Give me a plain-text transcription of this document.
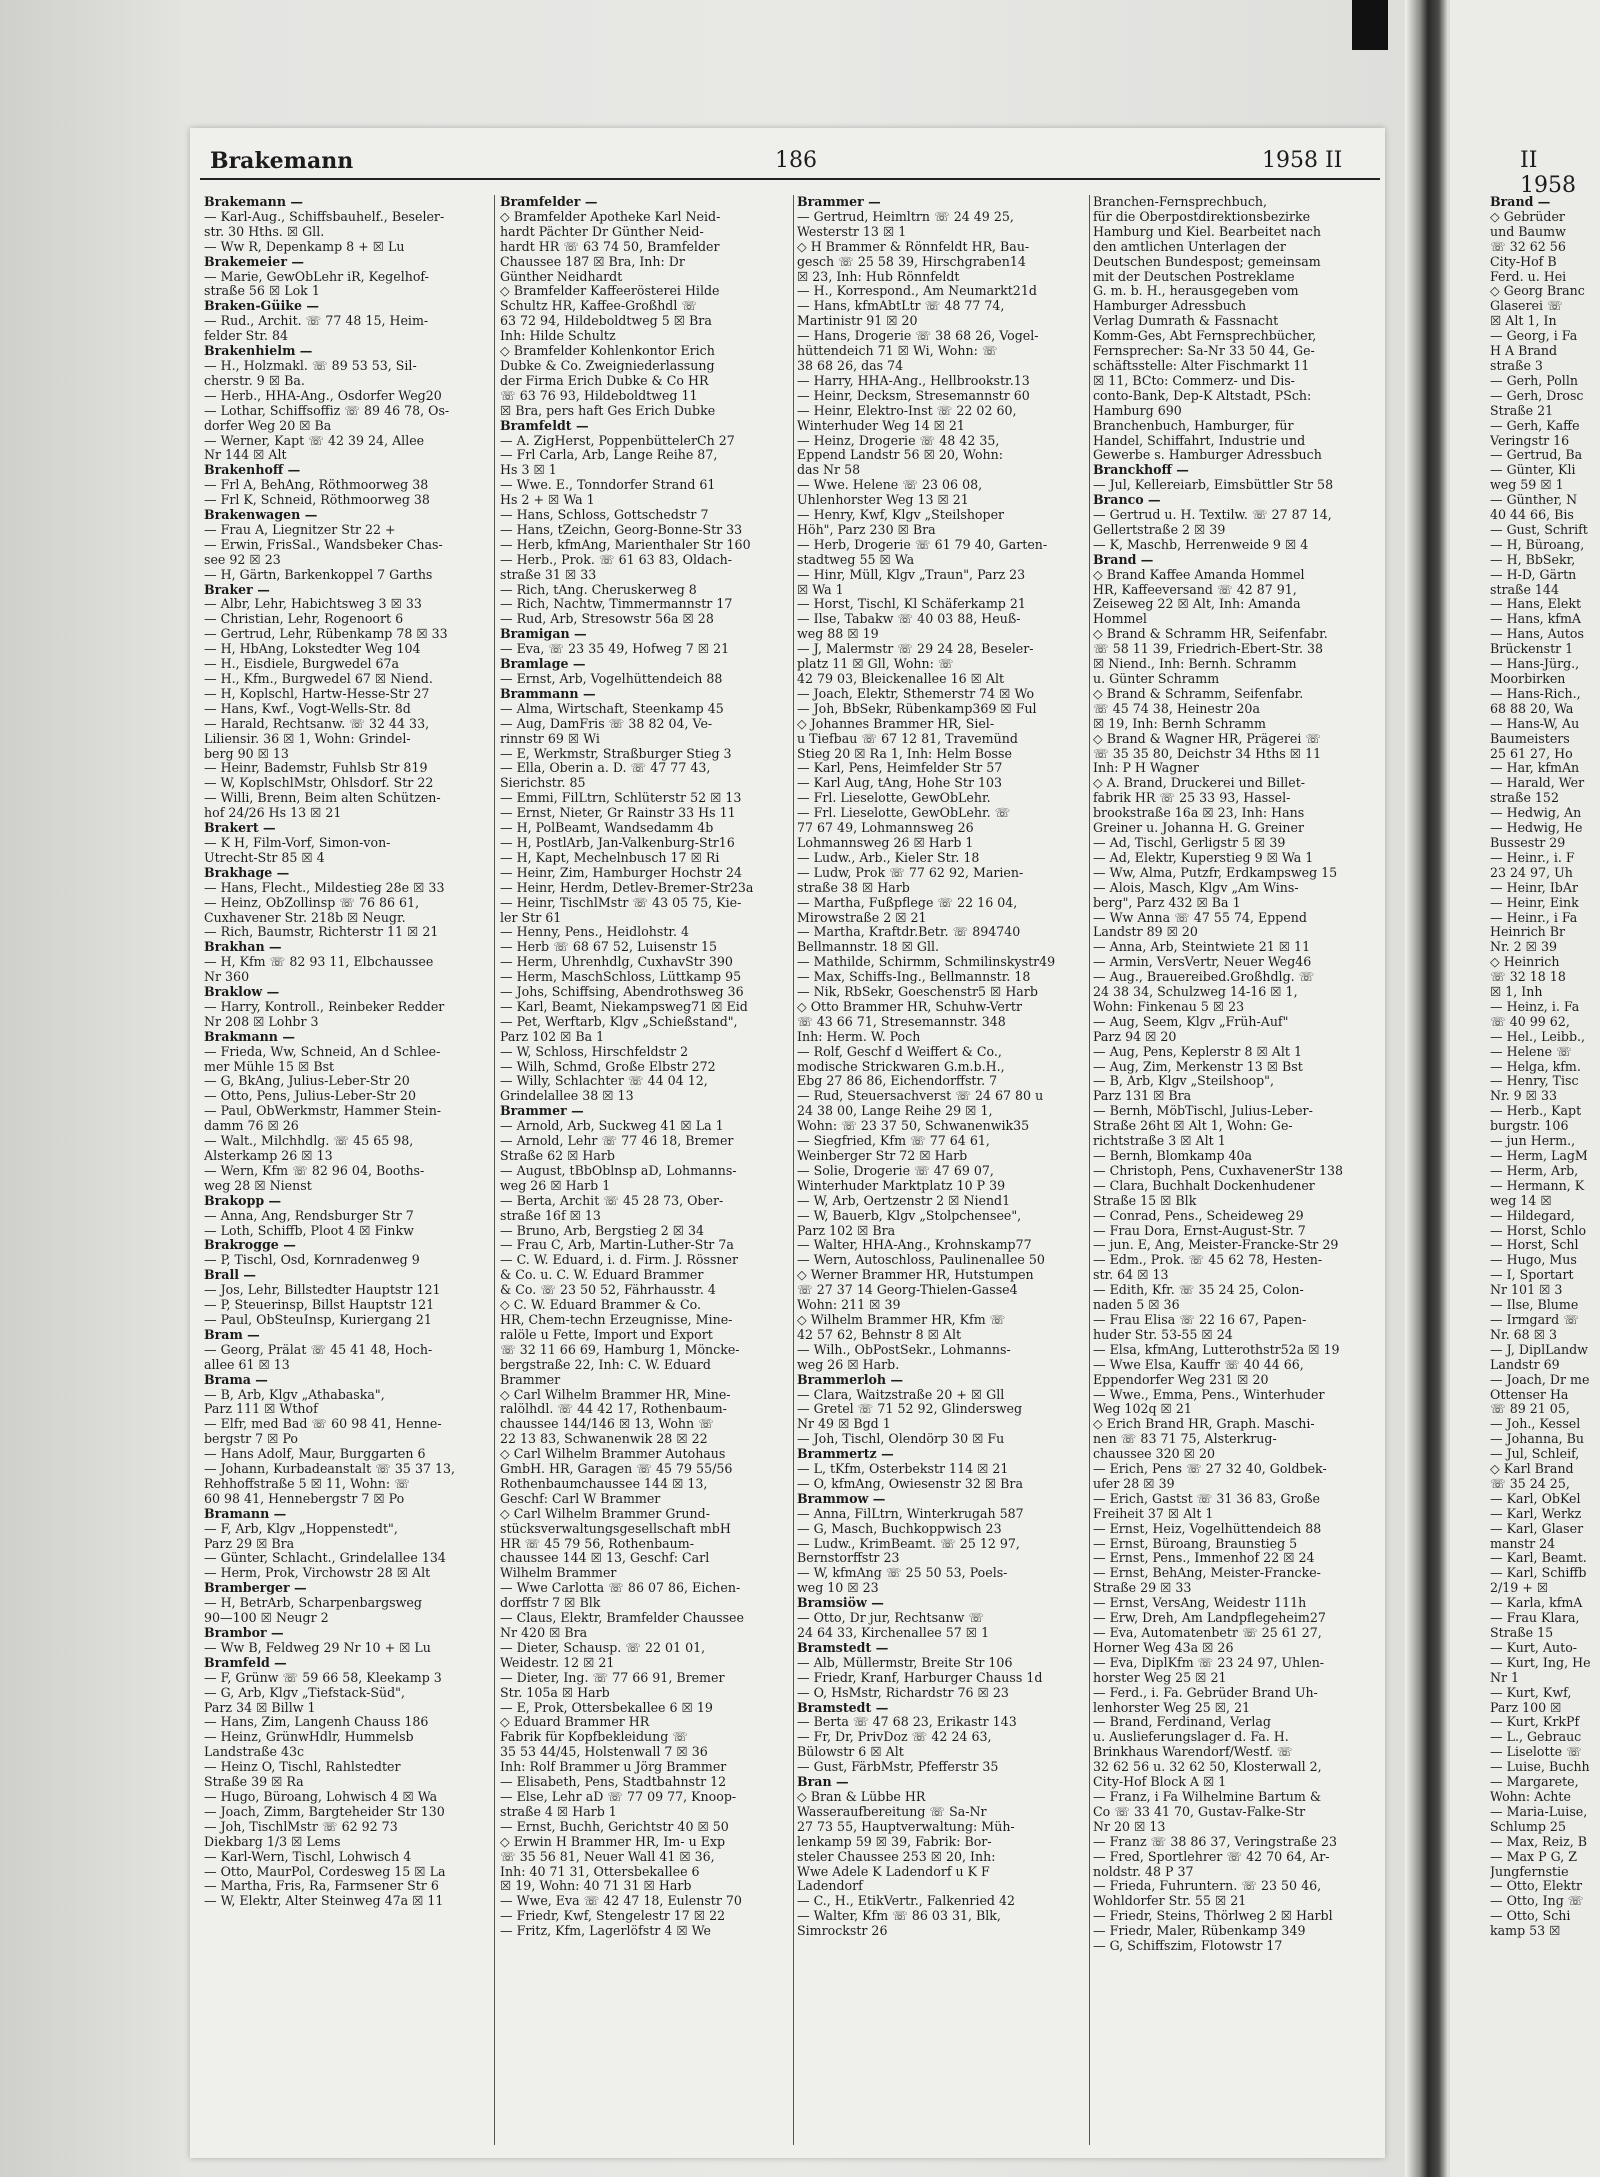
Brakemann	186	1958 II	II 1958
Brakemann —
— Karl-Aug., Schiffsbauhelf., Beseler-
str. 30 Hths. ☒ Gll.
— Ww R, Depenkamp 8 + ☒ Lu
Brakemeier —
— Marie, GewObLehr iR, Kegelhof-
straße 56 ☒ Lok 1
Braken-Güike —
— Rud., Archit. ☏ 77 48 15, Heim-
felder Str. 84
Brakenhielm —
— H., Holzmakl. ☏ 89 53 53, Sil-
cherstr. 9 ☒ Ba.
— Herb., HHA-Ang., Osdorfer Weg20
— Lothar, Schiffsoffiz ☏ 89 46 78, Os-
dorfer Weg 20 ☒ Ba
— Werner, Kapt ☏ 42 39 24, Allee
Nr 144 ☒ Alt
Brakenhoff —
— Frl A, BehAng, Röthmoorweg 38
— Frl K, Schneid, Röthmoorweg 38
Brakenwagen —
— Frau A, Liegnitzer Str 22 +
— Erwin, FrisSal., Wandsbeker Chas-
see 92 ☒ 23
— H, Gärtn, Barkenkoppel 7 Garths
Braker —
— Albr, Lehr, Habichtsweg 3 ☒ 33
— Christian, Lehr, Rogenoort 6
— Gertrud, Lehr, Rübenkamp 78 ☒ 33
— H, HbAng, Lokstedter Weg 104
— H., Eisdiele, Burgwedel 67a
— H., Kfm., Burgwedel 67 ☒ Niend.
— H, Koplschl, Hartw-Hesse-Str 27
— Hans, Kwf., Vogt-Wells-Str. 8d
— Harald, Rechtsanw. ☏ 32 44 33,
Liliensir. 36 ☒ 1, Wohn: Grindel-
berg 90 ☒ 13
— Heinr, Bademstr, Fuhlsb Str 819
— W, KoplschlMstr, Ohlsdorf. Str 22
— Willi, Brenn, Beim alten Schützen-
hof 24/26 Hs 13 ☒ 21
Brakert —
— K H, Film-Vorf, Simon-von-
Utrecht-Str 85 ☒ 4
Brakhage —
— Hans, Flecht., Mildestieg 28e ☒ 33
— Heinz, ObZollinsp ☏ 76 86 61,
Cuxhavener Str. 218b ☒ Neugr.
— Rich, Baumstr, Richterstr 11 ☒ 21
Brakhan —
— H, Kfm ☏ 82 93 11, Elbchaussee
Nr 360
Braklow —
— Harry, Kontroll., Reinbeker Redder
Nr 208 ☒ Lohbr 3
Brakmann —
— Frieda, Ww, Schneid, An d Schlee-
mer Mühle 15 ☒ Bst
— G, BkAng, Julius-Leber-Str 20
— Otto, Pens, Julius-Leber-Str 20
— Paul, ObWerkmstr, Hammer Stein-
damm 76 ☒ 26
— Walt., Milchhdlg. ☏ 45 65 98,
Alsterkamp 26 ☒ 13
— Wern, Kfm ☏ 82 96 04, Booths-
weg 28 ☒ Nienst
Brakopp —
— Anna, Ang, Rendsburger Str 7
— Loth, Schiffb, Ploot 4 ☒ Finkw
Brakrogge —
— P, Tischl, Osd, Kornradenweg 9
Brall —
— Jos, Lehr, Billstedter Hauptstr 121
— P, Steuerinsp, Billst Hauptstr 121
— Paul, ObSteuInsp, Kuriergang 21
Bram —
— Georg, Prälat ☏ 45 41 48, Hoch-
allee 61 ☒ 13
Brama —
— B, Arb, Klgv „Athabaska",
Parz 111 ☒ Wthof
— Elfr, med Bad ☏ 60 98 41, Henne-
bergstr 7 ☒ Po
— Hans Adolf, Maur, Burggarten 6
— Johann, Kurbadeanstalt ☏ 35 37 13,
Rehhoffstraße 5 ☒ 11, Wohn: ☏
60 98 41, Hennebergstr 7 ☒ Po
Bramann —
— F, Arb, Klgv „Hoppenstedt",
Parz 29 ☒ Bra
— Günter, Schlacht., Grindelallee 134
— Herm, Prok, Virchowstr 28 ☒ Alt
Bramberger —
— H, BetrArb, Scharpenbargsweg
90—100 ☒ Neugr 2
Brambor —
— Ww B, Feldweg 29 Nr 10 + ☒ Lu
Bramfeld —
— F, Grünw ☏ 59 66 58, Kleekamp 3
— G, Arb, Klgv „Tiefstack-Süd",
Parz 34 ☒ Billw 1
— Hans, Zim, Langenh Chauss 186
— Heinz, GrünwHdlr, Hummelsb
Landstraße 43c
— Heinz O, Tischl, Rahlstedter
Straße 39 ☒ Ra
— Hugo, Büroang, Lohwisch 4 ☒ Wa
— Joach, Zimm, Bargteheider Str 130
— Joh, TischlMstr ☏ 62 92 73
Diekbarg 1/3 ☒ Lems
— Karl-Wern, Tischl, Lohwisch 4
— Otto, MaurPol, Cordesweg 15 ☒ La
— Martha, Fris, Ra, Farmsener Str 6
— W, Elektr, Alter Steinweg 47a ☒ 11
Bramfelder —
◇ Bramfelder Apotheke Karl Neid-
hardt Pächter Dr Günther Neid-
hardt HR ☏ 63 74 50, Bramfelder
Chaussee 187 ☒ Bra, Inh: Dr
Günther Neidhardt
◇ Bramfelder Kaffeerösterei Hilde
Schultz HR, Kaffee-Großhdl ☏
63 72 94, Hildeboldtweg 5 ☒ Bra
Inh: Hilde Schultz
◇ Bramfelder Kohlenkontor Erich
Dubke & Co. Zweigniederlassung
der Firma Erich Dubke & Co HR
☏ 63 76 93, Hildeboldtweg 11
☒ Bra, pers haft Ges Erich Dubke
Bramfeldt —
— A. ZigHerst, PoppenbüttelerCh 27
— Frl Carla, Arb, Lange Reihe 87,
Hs 3 ☒ 1
— Wwe. E., Tonndorfer Strand 61
Hs 2 + ☒ Wa 1
— Hans, Schloss, Gottschedstr 7
— Hans, tZeichn, Georg-Bonne-Str 33
— Herb, kfmAng, Marienthaler Str 160
— Herb., Prok. ☏ 61 63 83, Oldach-
straße 31 ☒ 33
— Rich, tAng. Cheruskerweg 8
— Rich, Nachtw, Timmermannstr 17
— Rud, Arb, Stresowstr 56a ☒ 28
Bramigan —
— Eva, ☏ 23 35 49, Hofweg 7 ☒ 21
Bramlage —
— Ernst, Arb, Vogelhüttendeich 88
Brammann —
— Alma, Wirtschaft, Steenkamp 45
— Aug, DamFris ☏ 38 82 04, Ve-
rinnstr 69 ☒ Wi
— E, Werkmstr, Straßburger Stieg 3
— Ella, Oberin a. D. ☏ 47 77 43,
Sierichstr. 85
— Emmi, FilLtrn, Schlüterstr 52 ☒ 13
— Ernst, Nieter, Gr Rainstr 33 Hs 11
— H, PolBeamt, Wandsedamm 4b
— H, PostlArb, Jan-Valkenburg-Str16
— H, Kapt, Mechelnbusch 17 ☒ Ri
— Heinr, Zim, Hamburger Hochstr 24
— Heinr, Herdm, Detlev-Bremer-Str23a
— Heinr, TischlMstr ☏ 43 05 75, Kie-
ler Str 61
— Henny, Pens., Heidlohstr. 4
— Herb ☏ 68 67 52, Luisenstr 15
— Herm, Uhrenhdlg, CuxhavStr 390
— Herm, MaschSchloss, Lüttkamp 95
— Johs, Schiffsing, Abendrothsweg 36
— Karl, Beamt, Niekampsweg71 ☒ Eid
— Pet, Werftarb, Klgv „Schießstand",
Parz 102 ☒ Ba 1
— W, Schloss, Hirschfeldstr 2
— Wilh, Schmd, Große Elbstr 272
— Willy, Schlachter ☏ 44 04 12,
Grindelallee 38 ☒ 13
Brammer —
— Arnold, Arb, Suckweg 41 ☒ La 1
— Arnold, Lehr ☏ 77 46 18, Bremer
Straße 62 ☒ Harb
— August, tBbOblnsp aD, Lohmanns-
weg 26 ☒ Harb 1
— Berta, Archit ☏ 45 28 73, Ober-
straße 16f ☒ 13
— Bruno, Arb, Bergstieg 2 ☒ 34
— Frau C, Arb, Martin-Luther-Str 7a
— C. W. Eduard, i. d. Firm. J. Rössner
& Co. u. C. W. Eduard Brammer
& Co. ☏ 23 50 52, Fährhausstr. 4
◇ C. W. Eduard Brammer & Co.
HR, Chem-techn Erzeugnisse, Mine-
ralöle u Fette, Import und Export
☏ 32 11 66 69, Hamburg 1, Möncke-
bergstraße 22, Inh: C. W. Eduard
Brammer
◇ Carl Wilhelm Brammer HR, Mine-
ralölhdl. ☏ 44 42 17, Rothenbaum-
chaussee 144/146 ☒ 13, Wohn ☏
22 13 83, Schwanenwik 28 ☒ 22
◇ Carl Wilhelm Brammer Autohaus
GmbH. HR, Garagen ☏ 45 79 55/56
Rothenbaumchaussee 144 ☒ 13,
Geschf: Carl W Brammer
◇ Carl Wilhelm Brammer Grund-
stücksverwaltungsgesellschaft mbH
HR ☏ 45 79 56, Rothenbaum-
chaussee 144 ☒ 13, Geschf: Carl
Wilhelm Brammer
— Wwe Carlotta ☏ 86 07 86, Eichen-
dorffstr 7 ☒ Blk
— Claus, Elektr, Bramfelder Chaussee
Nr 420 ☒ Bra
— Dieter, Schausp. ☏ 22 01 01,
Weidestr. 12 ☒ 21
— Dieter, Ing. ☏ 77 66 91, Bremer
Str. 105a ☒ Harb
— E, Prok, Ottersbekallee 6 ☒ 19
◇ Eduard Brammer HR
Fabrik für Kopfbekleidung ☏
35 53 44/45, Holstenwall 7 ☒ 36
Inh: Rolf Brammer u Jörg Brammer
— Elisabeth, Pens, Stadtbahnstr 12
— Else, Lehr aD ☏ 77 09 77, Knoop-
straße 4 ☒ Harb 1
— Ernst, Buchh, Gerichtstr 40 ☒ 50
◇ Erwin H Brammer HR, Im- u Exp
☏ 35 56 81, Neuer Wall 41 ☒ 36,
Inh: 40 71 31, Ottersbekallee 6
☒ 19, Wohn: 40 71 31 ☒ Harb
— Wwe, Eva ☏ 42 47 18, Eulenstr 70
— Friedr, Kwf, Stengelestr 17 ☒ 22
— Fritz, Kfm, Lagerlöfstr 4 ☒ We
Brammer —
— Gertrud, Heimltrn ☏ 24 49 25,
Westerstr 13 ☒ 1
◇ H Brammer & Rönnfeldt HR, Bau-
gesch ☏ 25 58 39, Hirschgraben14
☒ 23, Inh: Hub Rönnfeldt
— H., Korrespond., Am Neumarkt21d
— Hans, kfmAbtLtr ☏ 48 77 74,
Martinistr 91 ☒ 20
— Hans, Drogerie ☏ 38 68 26, Vogel-
hüttendeich 71 ☒ Wi, Wohn: ☏
38 68 26, das 74
— Harry, HHA-Ang., Hellbrookstr.13
— Heinr, Decksm, Stresemannstr 60
— Heinr, Elektro-Inst ☏ 22 02 60,
Winterhuder Weg 14 ☒ 21
— Heinz, Drogerie ☏ 48 42 35,
Eppend Landstr 56 ☒ 20, Wohn:
das Nr 58
— Wwe. Helene ☏ 23 06 08,
Uhlenhorster Weg 13 ☒ 21
— Henry, Kwf, Klgv „Steilshoper
Höh", Parz 230 ☒ Bra
— Herb, Drogerie ☏ 61 79 40, Garten-
stadtweg 55 ☒ Wa
— Hinr, Müll, Klgv „Traun", Parz 23
☒ Wa 1
— Horst, Tischl, Kl Schäferkamp 21
— Ilse, Tabakw ☏ 40 03 88, Heuß-
weg 88 ☒ 19
— J, Malermstr ☏ 29 24 28, Beseler-
platz 11 ☒ Gll, Wohn: ☏
42 79 03, Bleickenallee 16 ☒ Alt
— Joach, Elektr, Sthemerstr 74 ☒ Wo
— Joh, BbSekr, Rübenkamp369 ☒ Ful
◇ Johannes Brammer HR, Siel-
u Tiefbau ☏ 67 12 81, Travemünd
Stieg 20 ☒ Ra 1, Inh: Helm Bosse
— Karl, Pens, Heimfelder Str 57
— Karl Aug, tAng, Hohe Str 103
— Frl. Lieselotte, GewObLehr.
— Frl. Lieselotte, GewObLehr. ☏
77 67 49, Lohmannsweg 26
Lohmannsweg 26 ☒ Harb 1
— Ludw., Arb., Kieler Str. 18
— Ludw, Prok ☏ 77 62 92, Marien-
straße 38 ☒ Harb
— Martha, Fußpflege ☏ 22 16 04,
Mirowstraße 2 ☒ 21
— Martha, Kraftdr.Betr. ☏ 894740
Bellmannstr. 18 ☒ Gll.
— Mathilde, Schirmm, Schmilinskystr49
— Max, Schiffs-Ing., Bellmannstr. 18
— Nik, RbSekr, Goeschenstr5 ☒ Harb
◇ Otto Brammer HR, Schuhw-Vertr
☏ 43 66 71, Stresemannstr. 348
Inh: Herm. W. Poch
— Rolf, Geschf d Weiffert & Co.,
modische Strickwaren G.m.b.H.,
Ebg 27 86 86, Eichendorffstr. 7
— Rud, Steuersachverst ☏ 24 67 80 u
24 38 00, Lange Reihe 29 ☒ 1,
Wohn: ☏ 23 37 50, Schwanenwik35
— Siegfried, Kfm ☏ 77 64 61,
Weinberger Str 72 ☒ Harb
— Solie, Drogerie ☏ 47 69 07,
Winterhuder Marktplatz 10 P 39
— W, Arb, Oertzenstr 2 ☒ Niend1
— W, Bauerb, Klgv „Stolpchensee",
Parz 102 ☒ Bra
— Walter, HHA-Ang., Krohnskamp77
— Wern, Autoschloss, Paulinenallee 50
◇ Werner Brammer HR, Hutstumpen
☏ 27 37 14 Georg-Thielen-Gasse4
Wohn: 211 ☒ 39
◇ Wilhelm Brammer HR, Kfm ☏
42 57 62, Behnstr 8 ☒ Alt
— Wilh., ObPostSekr., Lohmanns-
weg 26 ☒ Harb.
Brammerloh —
— Clara, Waitzstraße 20 + ☒ Gll
— Gretel ☏ 71 52 92, Glindersweg
Nr 49 ☒ Bgd 1
— Joh, Tischl, Olendörp 30 ☒ Fu
Brammertz —
— L, tKfm, Osterbekstr 114 ☒ 21
— O, kfmAng, Owiesenstr 32 ☒ Bra
Brammow —
— Anna, FilLtrn, Winterkrugah 587
— G, Masch, Buchkoppwisch 23
— Ludw., KrimBeamt. ☏ 25 12 97,
Bernstorffstr 23
— W, kfmAng ☏ 25 50 53, Poels-
weg 10 ☒ 23
Bramsiöw —
— Otto, Dr jur, Rechtsanw ☏
24 64 33, Kirchenallee 57 ☒ 1
Bramstedt —
— Alb, Müllermstr, Breite Str 106
— Friedr, Kranf, Harburger Chauss 1d
— O, HsMstr, Richardstr 76 ☒ 23
Bramstedt —
— Berta ☏ 47 68 23, Erikastr 143
— Fr, Dr, PrivDoz ☏ 42 24 63,
Bülowstr 6 ☒ Alt
— Gust, FärbMstr, Pfefferstr 35
Bran —
◇ Bran & Lübbe HR
Wasseraufbereitung ☏ Sa-Nr
27 73 55, Hauptverwaltung: Müh-
lenkamp 59 ☒ 39, Fabrik: Bor-
steler Chaussee 253 ☒ 20, Inh:
Wwe Adele K Ladendorf u K F
Ladendorf
— C., H., EtikVertr., Falkenried 42
— Walter, Kfm ☏ 86 03 31, Blk,
Simrockstr 26
Branchen-Fernsprechbuch,
für die Oberpostdirektionsbezirke
Hamburg und Kiel. Bearbeitet nach
den amtlichen Unterlagen der
Deutschen Bundespost; gemeinsam
mit der Deutschen Postreklame
G. m. b. H., herausgegeben vom
Hamburger Adressbuch
Verlag Dumrath & Fassnacht
Komm-Ges, Abt Fernsprechbücher,
Fernsprecher: Sa-Nr 33 50 44, Ge-
schäftsstelle: Alter Fischmarkt 11
☒ 11, BCto: Commerz- und Dis-
conto-Bank, Dep-K Altstadt, PSch:
Hamburg 690
Branchenbuch, Hamburger, für
Handel, Schiffahrt, Industrie und
Gewerbe s. Hamburger Adressbuch
Branckhoff —
— Jul, Kellereiarb, Eimsbüttler Str 58
Branco —
— Gertrud u. H. Textilw. ☏ 27 87 14,
Gellertstraße 2 ☒ 39
— K, Maschb, Herrenweide 9 ☒ 4
Brand —
◇ Brand Kaffee Amanda Hommel
HR, Kaffeeversand ☏ 42 87 91,
Zeiseweg 22 ☒ Alt, Inh: Amanda
Hommel
◇ Brand & Schramm HR, Seifenfabr.
☏ 58 11 39, Friedrich-Ebert-Str. 38
☒ Niend., Inh: Bernh. Schramm
u. Günter Schramm
◇ Brand & Schramm, Seifenfabr.
☏ 45 74 38, Heinestr 20a
☒ 19, Inh: Bernh Schramm
◇ Brand & Wagner HR, Prägerei ☏
☏ 35 35 80, Deichstr 34 Hths ☒ 11
Inh: P H Wagner
◇ A. Brand, Druckerei und Billet-
fabrik HR ☏ 25 33 93, Hassel-
brookstraße 16a ☒ 23, Inh: Hans
Greiner u. Johanna H. G. Greiner
— Ad, Tischl, Gerligstr 5 ☒ 39
— Ad, Elektr, Kuperstieg 9 ☒ Wa 1
— Ww, Alma, Putzfr, Erdkampsweg 15
— Alois, Masch, Klgv „Am Wins-
berg", Parz 432 ☒ Ba 1
— Ww Anna ☏ 47 55 74, Eppend
Landstr 89 ☒ 20
— Anna, Arb, Steintwiete 21 ☒ 11
— Armin, VersVertr, Neuer Weg46
— Aug., Brauereibed.Großhdlg. ☏
24 38 34, Schulzweg 14-16 ☒ 1,
Wohn: Finkenau 5 ☒ 23
— Aug, Seem, Klgv „Früh-Auf"
Parz 94 ☒ 20
— Aug, Pens, Keplerstr 8 ☒ Alt 1
— Aug, Zim, Merkenstr 13 ☒ Bst
— B, Arb, Klgv „Steilshoop",
Parz 131 ☒ Bra
— Bernh, MöbTischl, Julius-Leber-
Straße 26ht ☒ Alt 1, Wohn: Ge-
richtstraße 3 ☒ Alt 1
— Bernh, Blomkamp 40a
— Christoph, Pens, CuxhavenerStr 138
— Clara, Buchhalt Dockenhudener
Straße 15 ☒ Blk
— Conrad, Pens., Scheideweg 29
— Frau Dora, Ernst-August-Str. 7
— jun. E, Ang, Meister-Francke-Str 29
— Edm., Prok. ☏ 45 62 78, Hesten-
str. 64 ☒ 13
— Edith, Kfr. ☏ 35 24 25, Colon-
naden 5 ☒ 36
— Frau Elisa ☏ 22 16 67, Papen-
huder Str. 53-55 ☒ 24
— Elsa, kfmAng, Lutterothstr52a ☒ 19
— Wwe Elsa, Kauffr ☏ 40 44 66,
Eppendorfer Weg 231 ☒ 20
— Wwe., Emma, Pens., Winterhuder
Weg 102q ☒ 21
◇ Erich Brand HR, Graph. Maschi-
nen ☏ 83 71 75, Alsterkrug-
chaussee 320 ☒ 20
— Erich, Pens ☏ 27 32 40, Goldbek-
ufer 28 ☒ 39
— Erich, Gastst ☏ 31 36 83, Große
Freiheit 37 ☒ Alt 1
— Ernst, Heiz, Vogelhüttendeich 88
— Ernst, Büroang, Braunstieg 5
— Ernst, Pens., Immenhof 22 ☒ 24
— Ernst, BehAng, Meister-Francke-
Straße 29 ☒ 33
— Ernst, VersAng, Weidestr 111h
— Erw, Dreh, Am Landpflegeheim27
— Eva, Automatenbetr ☏ 25 61 27,
Horner Weg 43a ☒ 26
— Eva, DiplKfm ☏ 23 24 97, Uhlen-
horster Weg 25 ☒ 21
— Ferd., i. Fa. Gebrüder Brand Uh-
lenhorster Weg 25 ☒, 21
— Brand, Ferdinand, Verlag
u. Auslieferungslager d. Fa. H.
Brinkhaus Warendorf/Westf. ☏
32 62 56 u. 32 62 50, Klosterwall 2,
City-Hof Block A ☒ 1
— Franz, i Fa Wilhelmine Bartum &
Co ☏ 33 41 70, Gustav-Falke-Str
Nr 20 ☒ 13
— Franz ☏ 38 86 37, Veringstraße 23
— Fred, Sportlehrer ☏ 42 70 64, Ar-
noldstr. 48 P 37
— Frieda, Fuhruntern. ☏ 23 50 46,
Wohldorfer Str. 55 ☒ 21
— Friedr, Steins, Thörlweg 2 ☒ Harbl
— Friedr, Maler, Rübenkamp 349
— G, Schiffszim, Flotowstr 17
Brand —
◇ Gebrüder
und Baumw
☏ 32 62 56
City-Hof B
Ferd. u. Hei
◇ Georg Branc
Glaserei ☏
☒ Alt 1, In
— Georg, i Fa
H A Brand
straße 3
— Gerh, Polln
— Gerh, Drosc
Straße 21
— Gerh, Kaffe
Veringstr 16
— Gertrud, Ba
— Günter, Kli
weg 59 ☒ 1
— Günther, N
40 44 66, Bis
— Gust, Schrift
— H, Büroang,
— H, BbSekr,
— H-D, Gärtn
straße 144
— Hans, Elekt
— Hans, kfmA
— Hans, Autos
Brückenstr 1
— Hans-Jürg.,
Moorbirken
— Hans-Rich.,
68 88 20, Wa
— Hans-W, Au
Baumeisters
25 61 27, Ho
— Har, kfmAn
— Harald, Wer
straße 152
— Hedwig, An
— Hedwig, He
Bussestr 29
— Heinr., i. F
23 24 97, Uh
— Heinr, IbAr
— Heinr, Eink
— Heinr., i Fa
Heinrich Br
Nr. 2 ☒ 39
◇ Heinrich
☏ 32 18 18
☒ 1, Inh
— Heinz, i. Fa
☏ 40 99 62,
— Hel., Leibb.,
— Helene ☏
— Helga, kfm.
— Henry, Tisc
Nr. 9 ☒ 33
— Herb., Kapt
burgstr. 106
— jun Herm.,
— Herm, LagM
— Herm, Arb,
— Hermann, K
weg 14 ☒
— Hildegard,
— Horst, Schlo
— Horst, Schl
— Hugo, Mus
— I, Sportart
Nr 101 ☒ 3
— Ilse, Blume
— Irmgard ☏
Nr. 68 ☒ 3
— J, DiplLandw
Landstr 69
— Joach, Dr me
Ottenser Ha
☏ 89 21 05,
— Joh., Kessel
— Johanna, Bu
— Jul, Schleif,
◇ Karl Brand
☏ 35 24 25,
— Karl, ObKel
— Karl, Werkz
— Karl, Glaser
manstr 24
— Karl, Beamt.
— Karl, Schiffb
2/19 + ☒
— Karla, kfmA
— Frau Klara,
Straße 15
— Kurt, Auto-
— Kurt, Ing, He
Nr 1
— Kurt, Kwf,
Parz 100 ☒
— Kurt, KrkPf
— L., Gebrauc
— Liselotte ☏
— Luise, Buchh
— Margarete,
Wohn: Achte
— Maria-Luise,
Schlump 25
— Max, Reiz, B
— Max P G, Z
Jungfernstie
— Otto, Elektr
— Otto, Ing ☏
— Otto, Schi
kamp 53 ☒
